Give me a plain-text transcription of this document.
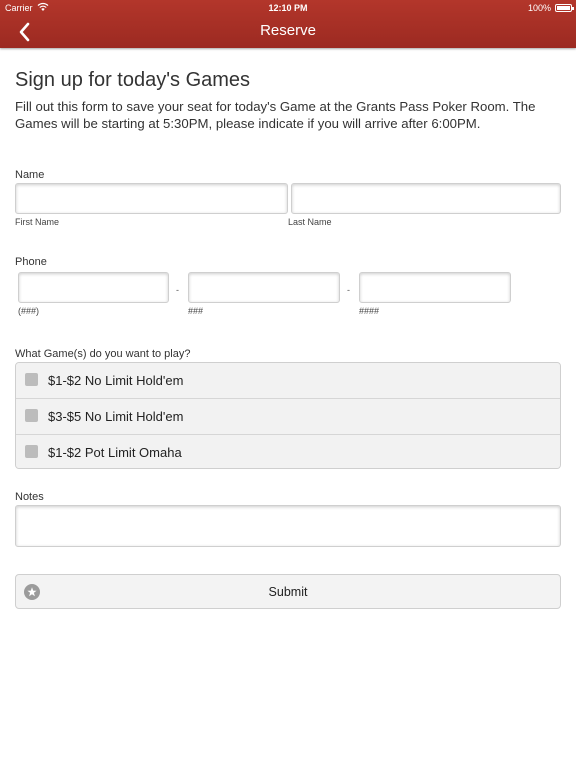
Carrier	12:10 PM	100%
Reserve
Sign up for today's Games
Fill out this form to save your seat for today's Game at the Grants Pass Poker Room. The Games will be starting at 5:30PM, please indicate if you will arrive after 6:00PM.
Name
First Name	Last Name
Phone
-	-
(###)	###	####
What Game(s) do you want to play?
$1-$2 No Limit Hold'em
$3-$5 No Limit Hold'em
$1-$2 Pot Limit Omaha
Notes
Submit
